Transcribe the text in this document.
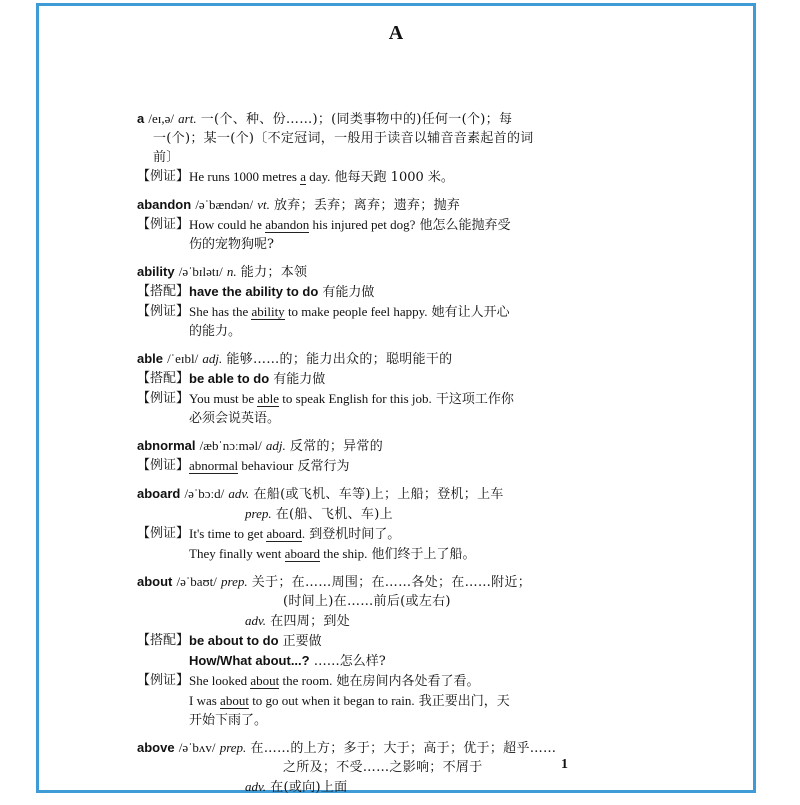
A
a /eɪ,ə/ art. 一(个、种、份……)；(同类事物中的)任何一(个)；每
一(个)；某一(个)〔不定冠词，一般用于读音以辅音音素起首的词
前〕
【例证】 He runs 1000 metres a day. 他每天跑 1000 米。
abandon /əˈbændən/ vt. 放弃；丢弃；离弃；遗弃；抛弃
【例证】 How could he abandon his injured pet dog? 他怎么能抛弃受
伤的宠物狗呢?
ability /əˈbɪlətɪ/ n. 能力；本领
【搭配】 have the ability to do 有能力做
【例证】 She has the ability to make people feel happy. 她有让人开心
的能力。
able /ˈeɪbl/ adj. 能够……的；能力出众的；聪明能干的
【搭配】 be able to do 有能力做
【例证】 You must be able to speak English for this job. 干这项工作你
必须会说英语。
abnormal /æbˈnɔːməl/ adj. 反常的；异常的
【例证】 abnormal behaviour 反常行为
aboard /əˈbɔːd/ adv. 在船(或飞机、车等)上；上船；登机；上车
prep. 在(船、飞机、车)上
【例证】 It's time to get aboard. 到登机时间了。
They finally went aboard the ship. 他们终于上了船。
about /əˈbaʊt/ prep. 关于；在……周围；在……各处；在……附近；
(时间上)在……前后(或左右)
adv. 在四周；到处
【搭配】 be about to do 正要做
How/What about...? ……怎么样?
【例证】 She looked about the room. 她在房间内各处看了看。
I was about to go out when it began to rain. 我正要出门，天
开始下雨了。
above /əˈbʌv/ prep. 在……的上方；多于；大于；高于；优于；超乎……
之所及；不受……之影响；不屑于
adv. 在(或向)上面
1
